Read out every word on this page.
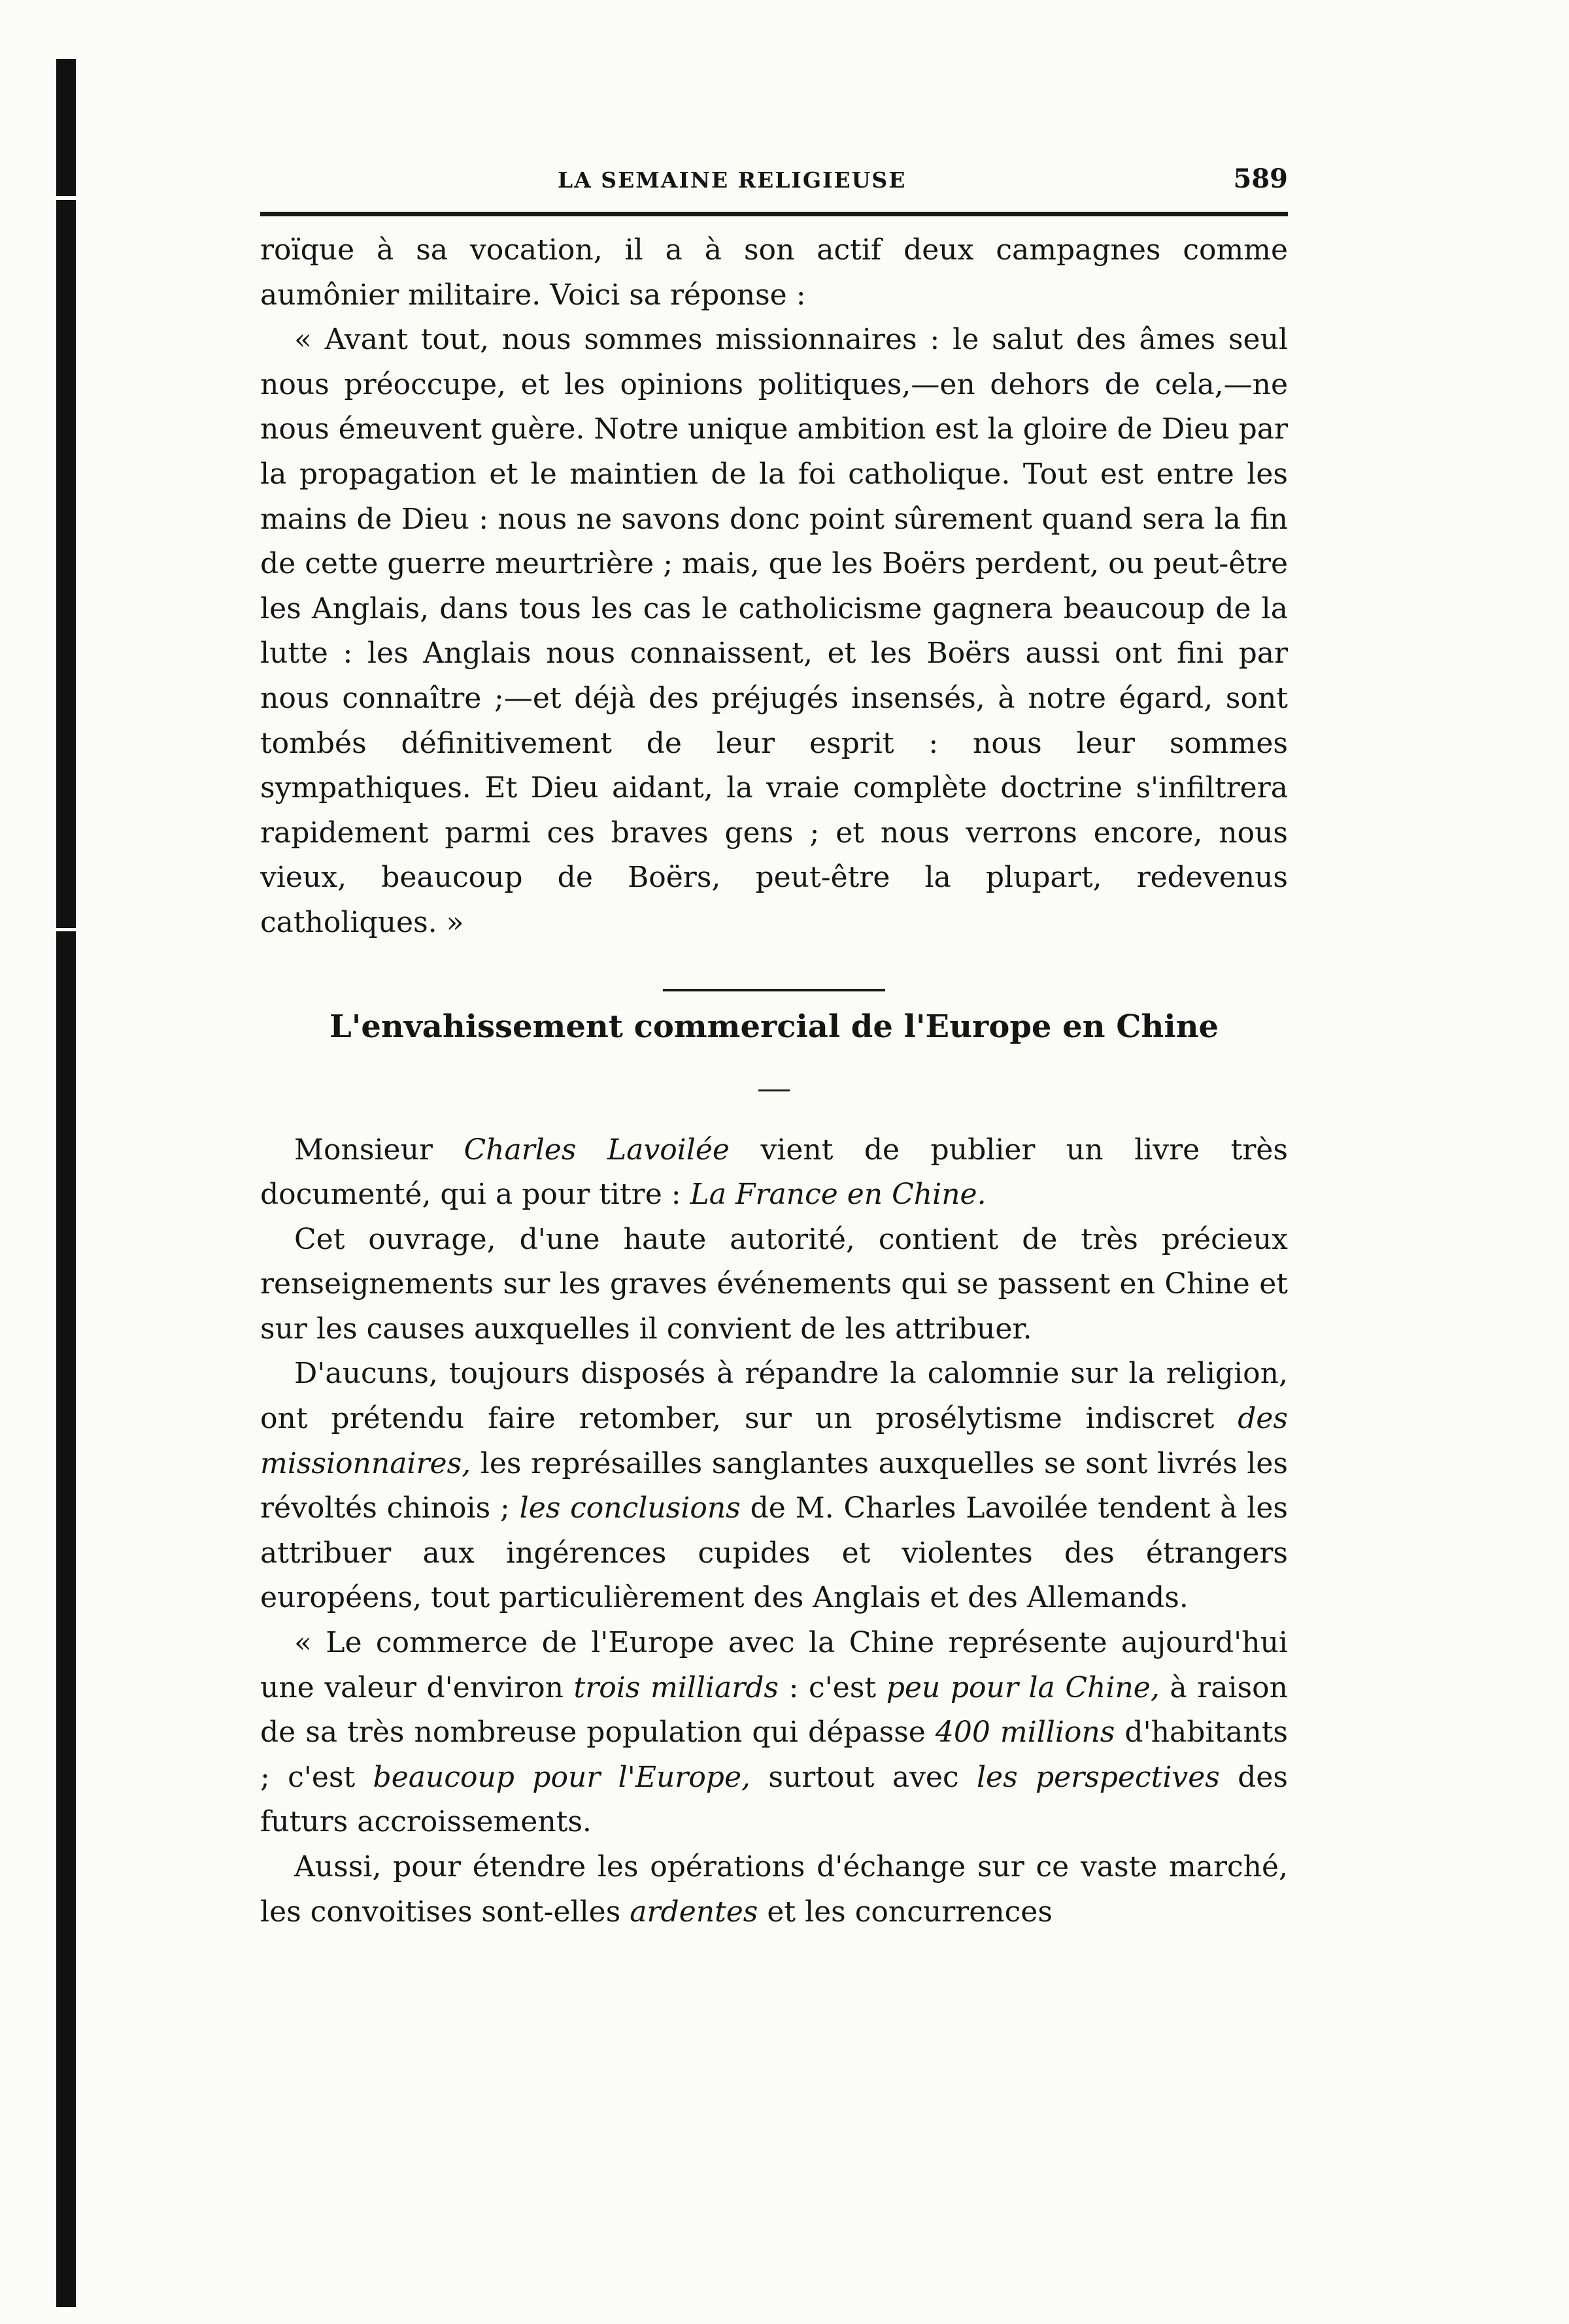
LA SEMAINE RELIGIEUSE	589

roïque à sa vocation, il a à son actif deux campagnes comme aumônier militaire. Voici sa réponse :

« Avant tout, nous sommes missionnaires : le salut des âmes seul nous préoccupe, et les opinions politiques,—en dehors de cela,—ne nous émeuvent guère. Notre unique ambition est la gloire de Dieu par la propagation et le maintien de la foi catholique. Tout est entre les mains de Dieu : nous ne savons donc point sûrement quand sera la fin de cette guerre meurtrière ; mais, que les Boërs perdent, ou peut-être les Anglais, dans tous les cas le catholicisme gagnera beaucoup de la lutte : les Anglais nous connaissent, et les Boërs aussi ont fini par nous connaître ;—et déjà des préjugés insensés, à notre égard, sont tombés définitivement de leur esprit : nous leur sommes sympathiques. Et Dieu aidant, la vraie complète doctrine s'infiltrera rapidement parmi ces braves gens ; et nous verrons encore, nous vieux, beaucoup de Boërs, peut-être la plupart, redevenus catholiques. »

L'envahissement commercial de l'Europe en Chine

Monsieur Charles Lavoilée vient de publier un livre très documenté, qui a pour titre : La France en Chine.

Cet ouvrage, d'une haute autorité, contient de très précieux renseignements sur les graves événements qui se passent en Chine et sur les causes auxquelles il convient de les attribuer.

D'aucuns, toujours disposés à répandre la calomnie sur la religion, ont prétendu faire retomber, sur un prosélytisme indiscret des missionnaires, les représailles sanglantes auxquelles se sont livrés les révoltés chinois ; les conclusions de M. Charles Lavoilée tendent à les attribuer aux ingérences cupides et violentes des étrangers européens, tout particulièrement des Anglais et des Allemands.

« Le commerce de l'Europe avec la Chine représente aujourd'hui une valeur d'environ trois milliards : c'est peu pour la Chine, à raison de sa très nombreuse population qui dépasse 400 millions d'habitants ; c'est beaucoup pour l'Europe, surtout avec les perspectives des futurs accroissements.

Aussi, pour étendre les opérations d'échange sur ce vaste marché, les convoitises sont-elles ardentes et les concurrences
